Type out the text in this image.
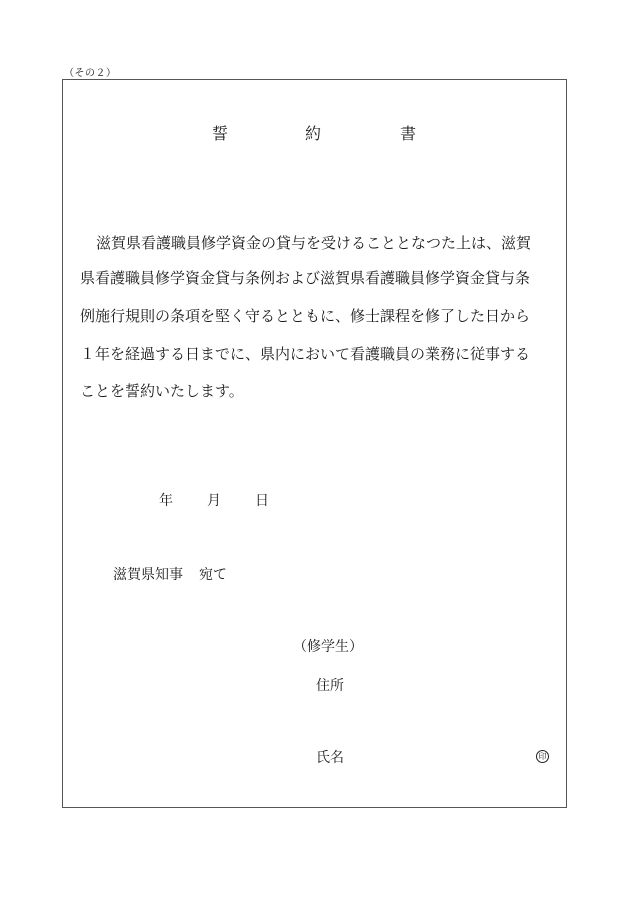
（その２）
誓	約	書
滋賀県看護職員修学資金の貸与を受けることとなつた上は、滋賀
県看護職員修学資金貸与条例および滋賀県看護職員修学資金貸与条
例施行規則の条項を堅く守るとともに、修士課程を修了した日から
１年を経過する日までに、県内において看護職員の業務に従事する
ことを誓約いたします。
年 月 日
滋賀県知事 宛て
（修学生）
住所
氏名	印
